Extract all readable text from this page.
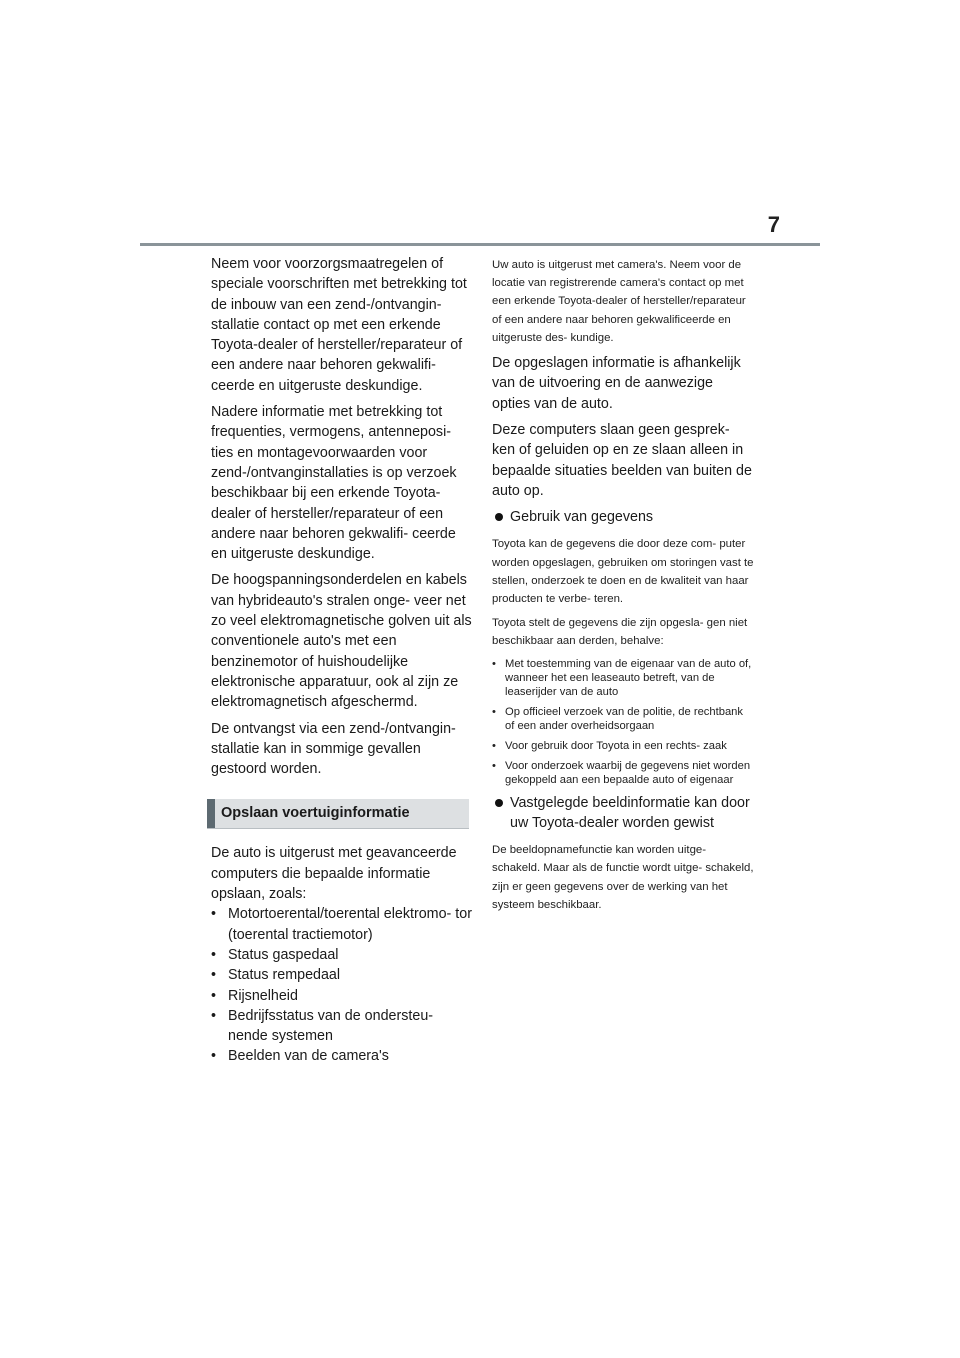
7

Neem voor voorzorgsmaatregelen of speciale voorschriften met betrekking tot de inbouw van een zend-/ontvangin- stallatie contact op met een erkende Toyota-dealer of hersteller/reparateur of een andere naar behoren gekwalifi- ceerde en uitgeruste deskundige.

Nadere informatie met betrekking tot frequenties, vermogens, antenneposi- ties en montagevoorwaarden voor zend-/ontvanginstallaties is op verzoek beschikbaar bij een erkende Toyota-dealer of hersteller/reparateur of een andere naar behoren gekwalifi- ceerde en uitgeruste deskundige.

De hoogspanningsonderdelen en kabels van hybrideauto's stralen onge- veer net zo veel elektromagnetische golven uit als conventionele auto's met een benzinemotor of huishoudelijke elektronische apparatuur, ook al zijn ze elektromagnetisch afgeschermd.

De ontvangst via een zend-/ontvangin- stallatie kan in sommige gevallen gestoord worden.

Opslaan voertuiginformatie

De auto is uitgerust met geavanceerde computers die bepaalde informatie opslaan, zoals:

• Motortoerental/toerental elektromo- tor (toerental tractiemotor)
• Status gaspedaal
• Status rempedaal
• Rijsnelheid
• Bedrijfsstatus van de ondersteu- nende systemen
• Beelden van de camera's

Uw auto is uitgerust met camera's. Neem voor de locatie van registrerende camera's contact op met een erkende Toyota-dealer of hersteller/reparateur of een andere naar behoren gekwalificeerde en uitgeruste des- kundige.

De opgeslagen informatie is afhankelijk van de uitvoering en de aanwezige opties van de auto.

Deze computers slaan geen gesprek- ken of geluiden op en ze slaan alleen in bepaalde situaties beelden van buiten de auto op.

Gebruik van gegevens

Toyota kan de gegevens die door deze com- puter worden opgeslagen, gebruiken om storingen vast te stellen, onderzoek te doen en de kwaliteit van haar producten te verbe- teren.

Toyota stelt de gegevens die zijn opgesla- gen niet beschikbaar aan derden, behalve:

• Met toestemming van de eigenaar van de auto of, wanneer het een leaseauto betreft, van de leaserijder van de auto
• Op officieel verzoek van de politie, de rechtbank of een ander overheidsorgaan
• Voor gebruik door Toyota in een rechts- zaak
• Voor onderzoek waarbij de gegevens niet worden gekoppeld aan een bepaalde auto of eigenaar
Vastgelegde beeldinformatie kan door uw Toyota-dealer worden gewist

De beeldopnamefunctie kan worden uitge- schakeld. Maar als de functie wordt uitge- schakeld, zijn er geen gegevens over de werking van het systeem beschikbaar.
